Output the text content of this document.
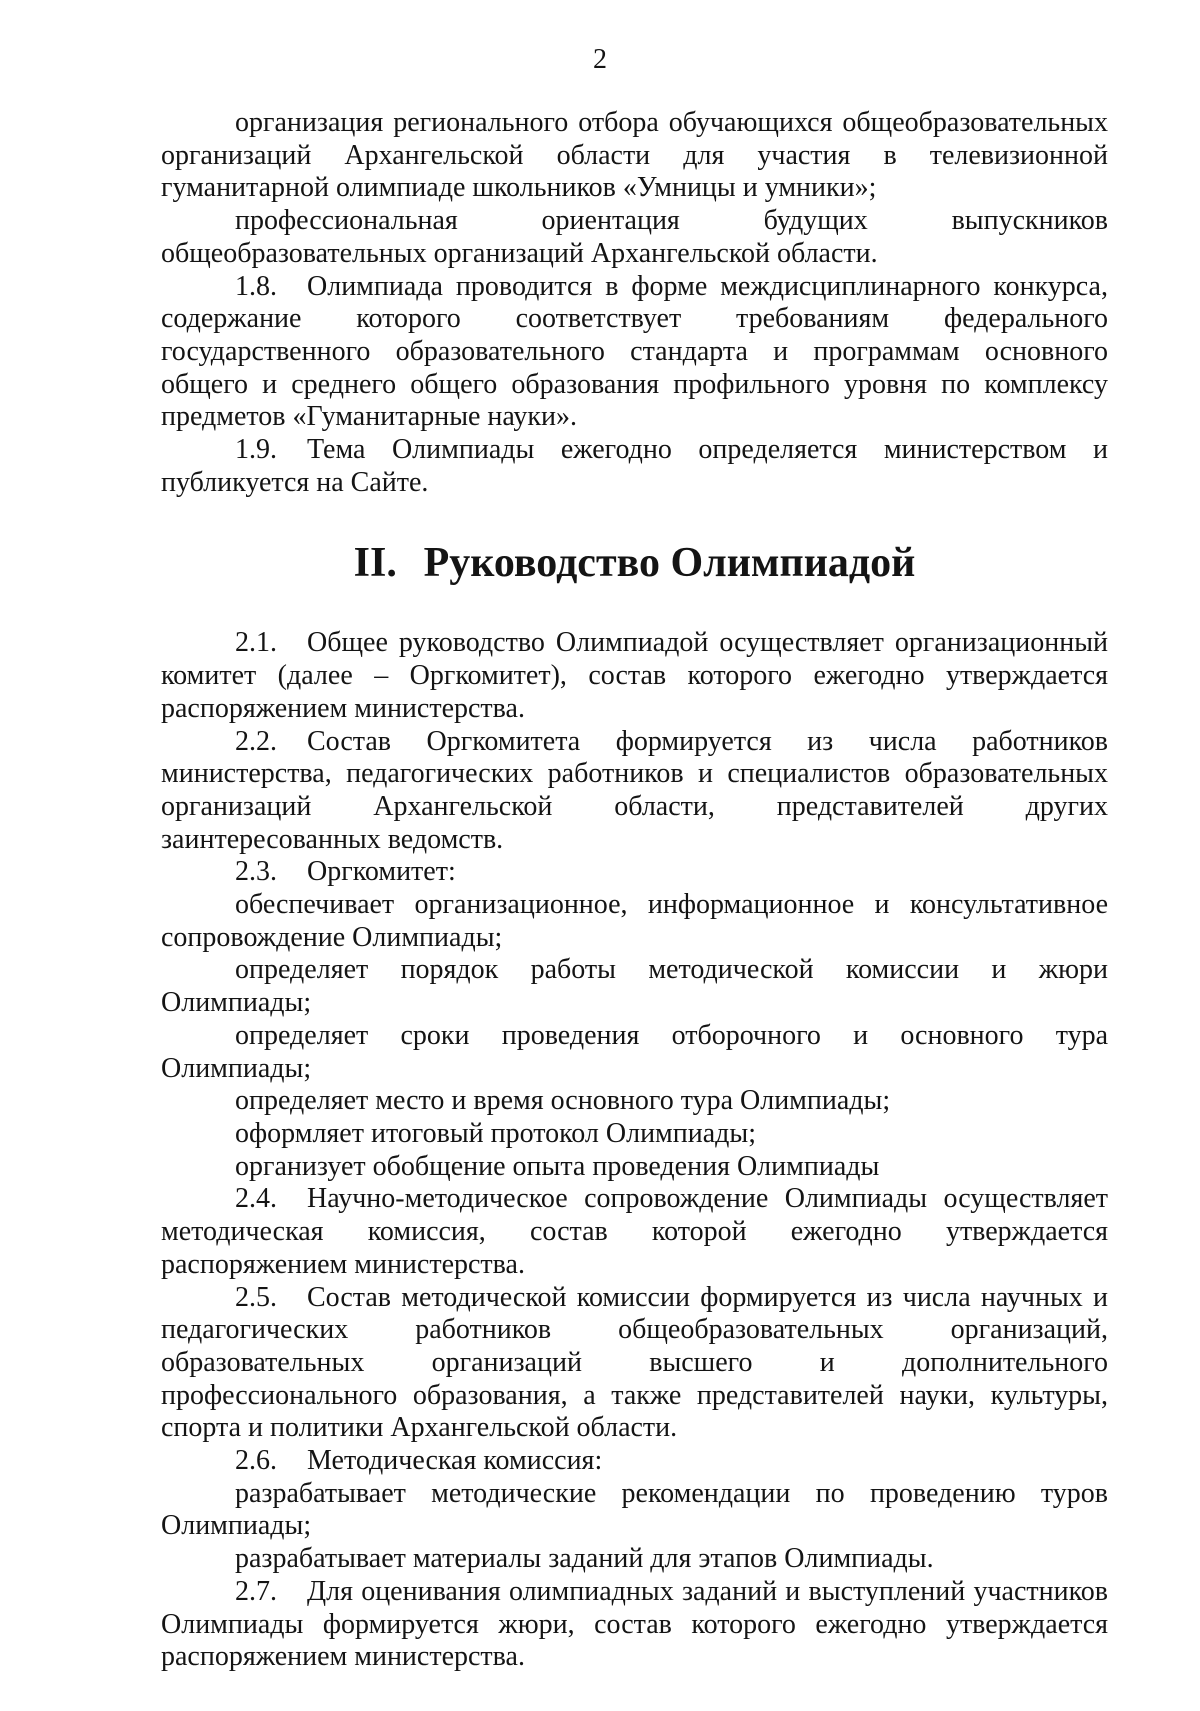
2

организация регионального отбора обучающихся общеобразовательных организаций Архангельской области для участия в телевизионной гуманитарной олимпиаде школьников «Умницы и умники»;

профессиональная ориентация будущих выпускников общеобразовательных организаций Архангельской области.

1.8. Олимпиада проводится в форме междисциплинарного конкурса, содержание которого соответствует требованиям федерального государственного образовательного стандарта и программам основного общего и среднего общего образования профильного уровня по комплексу предметов «Гуманитарные науки».

1.9. Тема Олимпиады ежегодно определяется министерством и публикуется на Сайте.

II. Руководство Олимпиадой

2.1. Общее руководство Олимпиадой осуществляет организационный комитет (далее – Оргкомитет), состав которого ежегодно утверждается распоряжением министерства.

2.2. Состав Оргкомитета формируется из числа работников министерства, педагогических работников и специалистов образовательных организаций Архангельской области, представителей других заинтересованных ведомств.

2.3. Оргкомитет:

обеспечивает организационное, информационное и консультативное сопровождение Олимпиады;

определяет порядок работы методической комиссии и жюри Олимпиады;

определяет сроки проведения отборочного и основного тура Олимпиады;

определяет место и время основного тура Олимпиады;

оформляет итоговый протокол Олимпиады;

организует обобщение опыта проведения Олимпиады

2.4. Научно-методическое сопровождение Олимпиады осуществляет методическая комиссия, состав которой ежегодно утверждается распоряжением министерства.

2.5. Состав методической комиссии формируется из числа научных и педагогических работников общеобразовательных организаций, образовательных организаций высшего и дополнительного профессионального образования, а также представителей науки, культуры, спорта и политики Архангельской области.

2.6. Методическая комиссия:

разрабатывает методические рекомендации по проведению туров Олимпиады;

разрабатывает материалы заданий для этапов Олимпиады.

2.7. Для оценивания олимпиадных заданий и выступлений участников Олимпиады формируется жюри, состав которого ежегодно утверждается распоряжением министерства.
